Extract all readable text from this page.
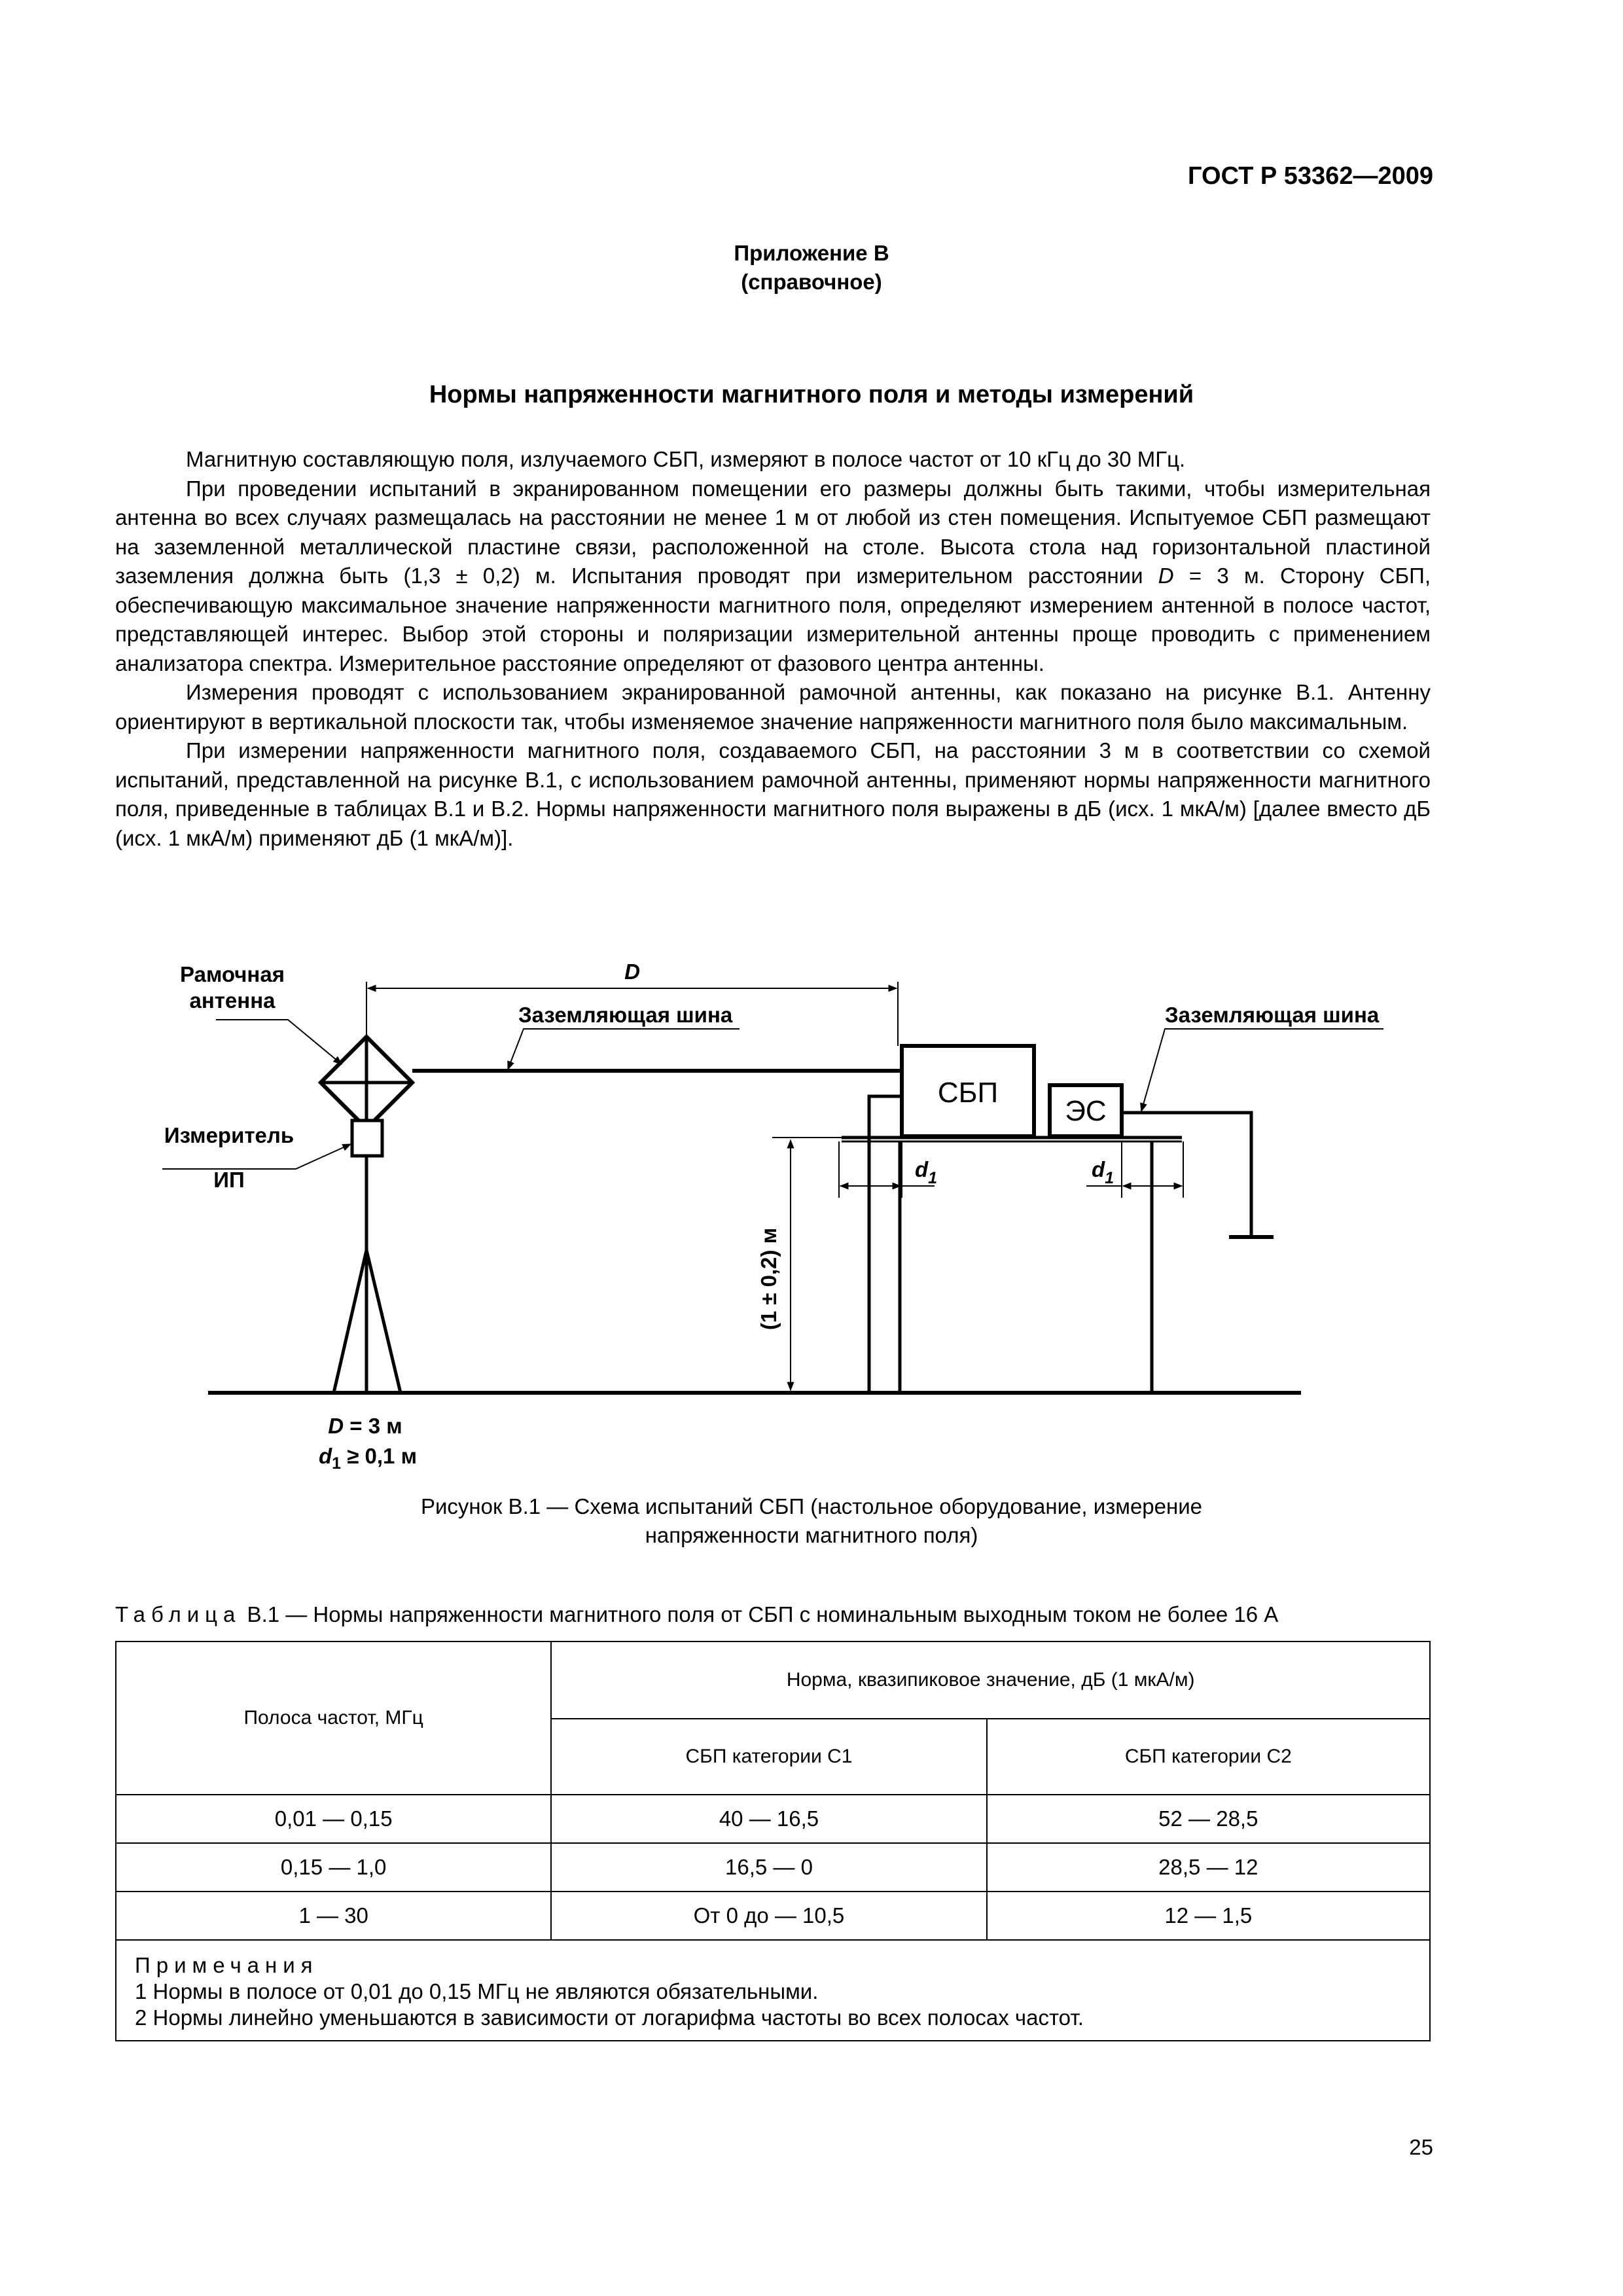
ГОСТ Р 53362—2009
Приложение В
(справочное)
Нормы напряженности магнитного поля и методы измерений

Магнитную составляющую поля, излучаемого СБП, измеряют в полосе частот от 10 кГц до 30 МГц.

При проведении испытаний в экранированном помещении его размеры должны быть такими, чтобы измерительная антенна во всех случаях размещалась на расстоянии не менее 1 м от любой из стен помещения. Испытуемое СБП размещают на заземленной металлической пластине связи, расположенной на столе. Высота стола над горизонтальной пластиной заземления должна быть (1,3 ± 0,2) м. Испытания проводят при измерительном расстоянии D = 3 м. Сторону СБП, обеспечивающую максимальное значение напряженности магнитного поля, определяют измерением антенной в полосе частот, представляющей интерес. Выбор этой стороны и поляризации измерительной антенны проще проводить с применением анализатора спектра. Измерительное расстояние определяют от фазового центра антенны.

Измерения проводят с использованием экранированной рамочной антенны, как показано на рисунке В.1. Антенну ориентируют в вертикальной плоскости так, чтобы изменяемое значение напряженности магнитного поля было максимальным.

При измерении напряженности магнитного поля, создаваемого СБП, на расстоянии 3 м в соответствии со схемой испытаний, представленной на рисунке В.1, с использованием рамочной антенны, применяют нормы напряженности магнитного поля, приведенные в таблицах В.1 и В.2. Нормы напряженности магнитного поля выражены в дБ (исх. 1 мкА/м) [далее вместо дБ (исх. 1 мкА/м) применяют дБ (1 мкА/м)].

Рамочная
антенна
D
Заземляющая шина	Заземляющая шина
Измеритель
ИП	$d_1$	$d_1$
(1 ± 0,2) м
D = 3 м
$d_1 \ge 0,1$ м
СБП
ЭС
Рисунок В.1 — Схема испытаний СБП (настольное оборудование, измерение
напряженности магнитного поля)
Таблица В.1 — Нормы напряженности магнитного поля от СБП с номинальным выходным током не более 16 А
Полоса частот, МГц	Норма, квазипиковое значение, дБ (1 мкА/м)	
	СБП категории С1	СБП категории С2
0,01 — 0,15	40 — 16,5	52 — 28,5
0,15 — 1,0	16,5 — 0	28,5 — 12
1 — 30	От 0 до — 10,5	12 — 1,5

Примечания
1 Нормы в полосе от 0,01 до 0,15 МГц не являются обязательными.
2 Нормы линейно уменьшаются в зависимости от логарифма частоты во всех полосах частот.		
25
